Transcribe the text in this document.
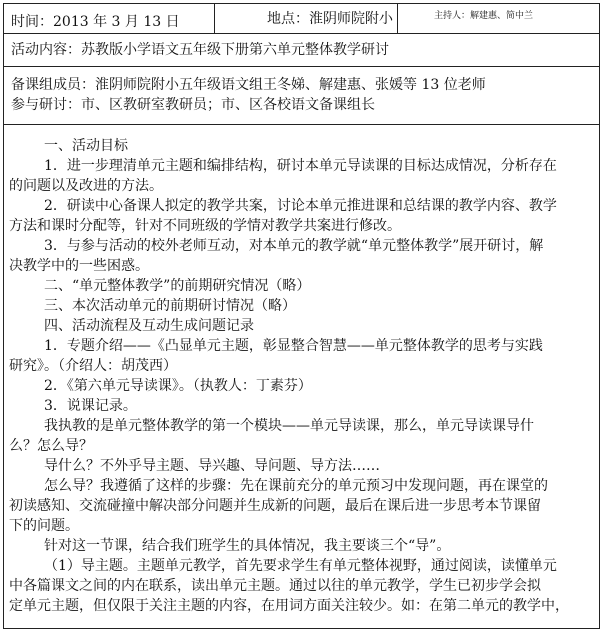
时间：2013 年 3 月 13 日	地点：淮阴师院附小	主持人：解建惠、简中兰
活动内容：苏教版小学语文五年级下册第六单元整体教学研讨
备课组成员：淮阴师院附小五年级语文组王冬娣、解建惠、张媛等 13 位老师
参与研讨：市、区教研室教研员；市、区各校语文备课组长
一、活动目标
1．进一步理清单元主题和编排结构，研讨本单元导读课的目标达成情况，分析存在
的问题以及改进的方法。
2．研读中心备课人拟定的教学共案，讨论本单元推进课和总结课的教学内容、教学
方法和课时分配等，针对不同班级的学情对教学共案进行修改。
3．与参与活动的校外老师互动，对本单元的教学就“单元整体教学”展开研讨，解
决教学中的一些困惑。
二、“单元整体教学”的前期研究情况（略）
三、本次活动单元的前期研讨情况（略）
四、活动流程及互动生成问题记录
1．专题介绍——《凸显单元主题，彰显整合智慧——单元整体教学的思考与实践
研究》。（介绍人：胡茂西）
2．《第六单元导读课》。（执教人：丁素芬）
3．说课记录。
我执教的是单元整体教学的第一个模块——单元导读课，那么，单元导读课导什
么？怎么导？
导什么？不外乎导主题、导兴趣、导问题、导方法……
怎么导？我遵循了这样的步骤：先在课前充分的单元预习中发现问题，再在课堂的
初读感知、交流碰撞中解决部分问题并生成新的问题，最后在课后进一步思考本节课留
下的问题。
针对这一节课，结合我们班学生的具体情况，我主要谈三个“导”。
（1）导主题。主题单元教学，首先要求学生有单元整体视野，通过阅读，读懂单元
中各篇课文之间的内在联系，读出单元主题。通过以往的单元教学，学生已初步学会拟
定单元主题，但仅限于关注主题的内容，在用词方面关注较少。如：在第二单元的教学中，
